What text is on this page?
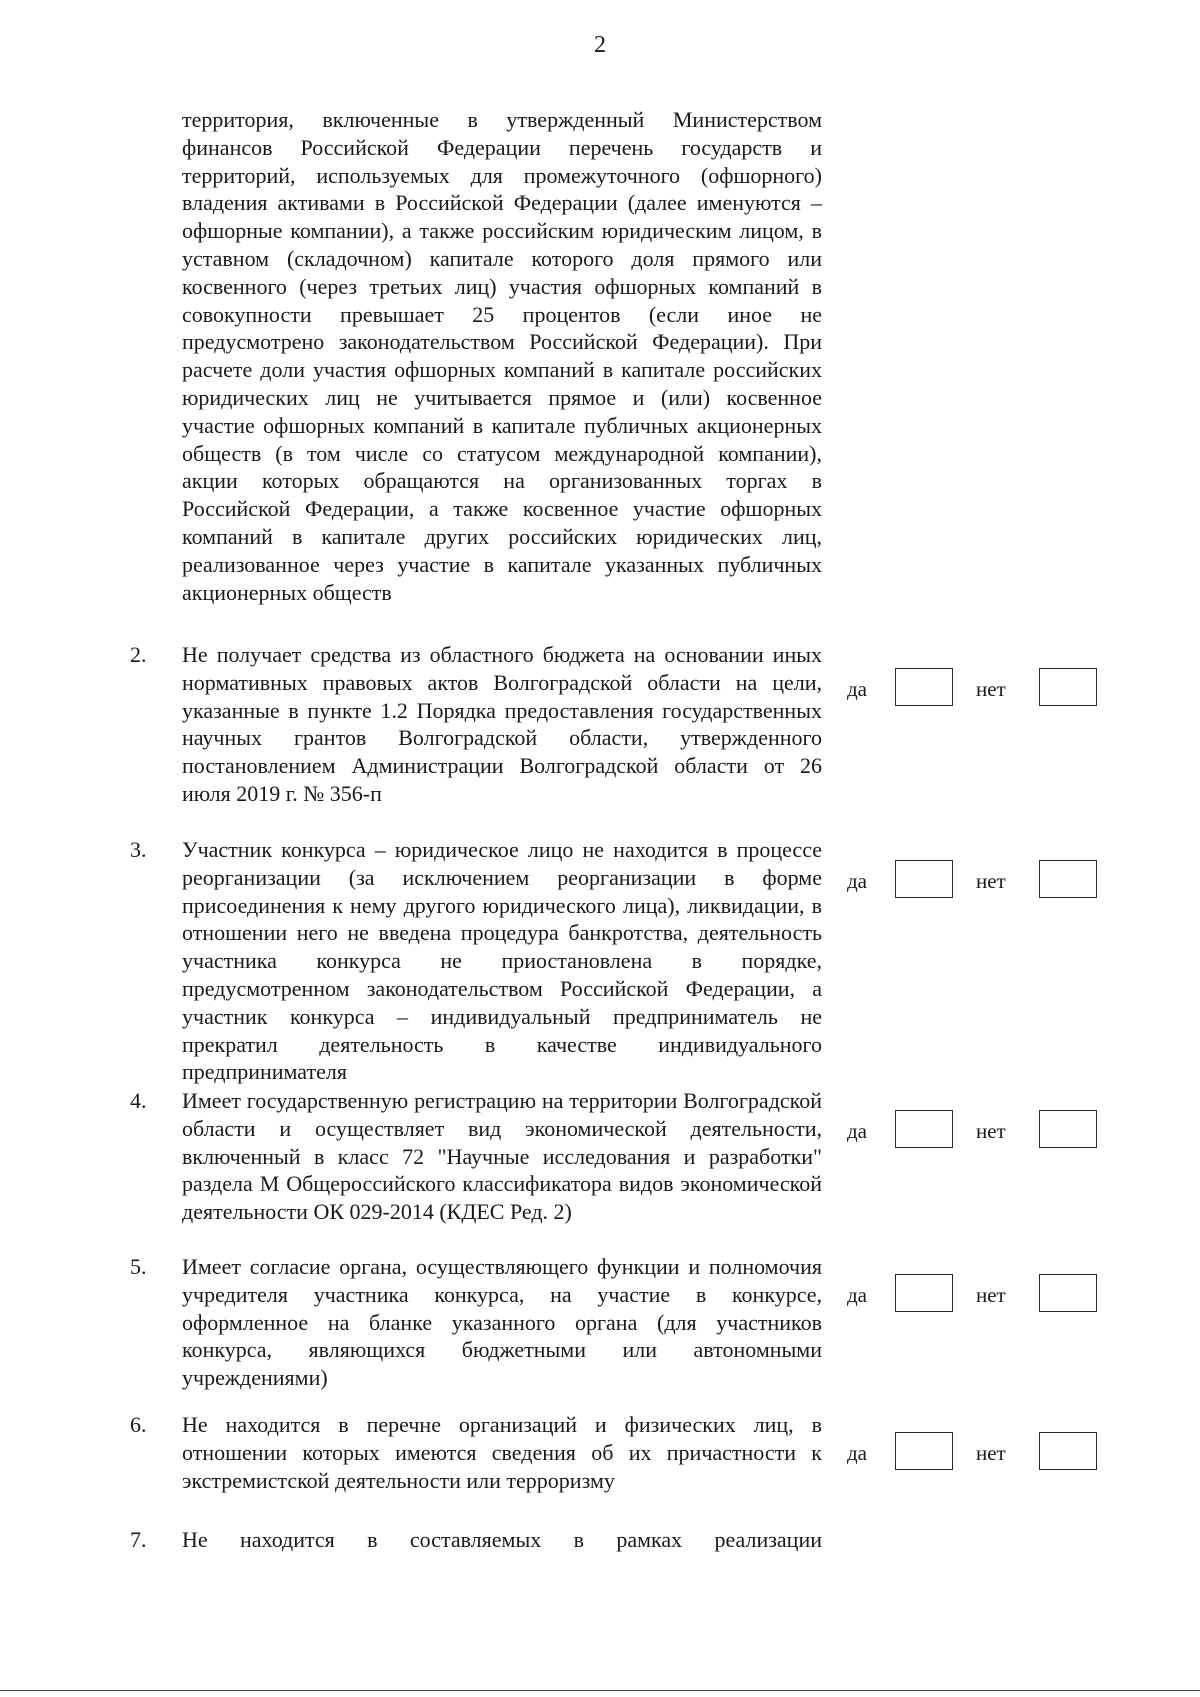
2
территория, включенные в утвержденный Министерством финансов Российской Федерации перечень государств и территорий, используемых для промежуточного (офшорного) владения активами в Российской Федерации (далее именуются – офшорные компании), а также российским юридическим лицом, в уставном (складочном) капитале которого доля прямого или косвенного (через третьих лиц) участия офшорных компаний в совокупности превышает 25 процентов (если иное не предусмотрено законодательством Российской Федерации). При расчете доли участия офшорных компаний в капитале российских юридических лиц не учитывается прямое и (или) косвенное участие офшорных компаний в капитале публичных акционерных обществ (в том числе со статусом международной компании), акции которых обращаются на организованных торгах в Российской Федерации, а также косвенное участие офшорных компаний в капитале других российских юридических лиц, реализованное через участие в капитале указанных публичных акционерных обществ
2.	Не получает средства из областного бюджета на основании иных нормативных правовых актов Волгоградской области на цели, указанные в пункте 1.2 Порядка предоставления государственных научных грантов Волгоградской области, утвержденного постановлением Администрации Волгоградской области от 26 июля 2019 г. № 356-п
да	нет
3.	Участник конкурса – юридическое лицо не находится в процессе реорганизации (за исключением реорганизации в форме присоединения к нему другого юридического лица), ликвидации, в отношении него не введена процедура банкротства, деятельность участника конкурса не приостановлена в порядке, предусмотренном законодательством Российской Федерации, а участник конкурса – индивидуальный предприниматель не прекратил деятельность в качестве индивидуального предпринимателя
да	нет
4.	Имеет государственную регистрацию на территории Волгоградской области и осуществляет вид экономической деятельности, включенный в класс 72 "Научные исследования и разработки" раздела М Общероссийского классификатора видов экономической деятельности ОК 029-2014 (КДЕС Ред. 2)
да	нет
5.	Имеет согласие органа, осуществляющего функции и полномочия учредителя участника конкурса, на участие в конкурсе, оформленное на бланке указанного органа (для участников конкурса, являющихся бюджетными или автономными учреждениями)
да	нет
6.	Не находится в перечне организаций и физических лиц, в отношении которых имеются сведения об их причастности к экстремистской деятельности или терроризму
да	нет
7.	Не находится в составляемых в рамках реализации
